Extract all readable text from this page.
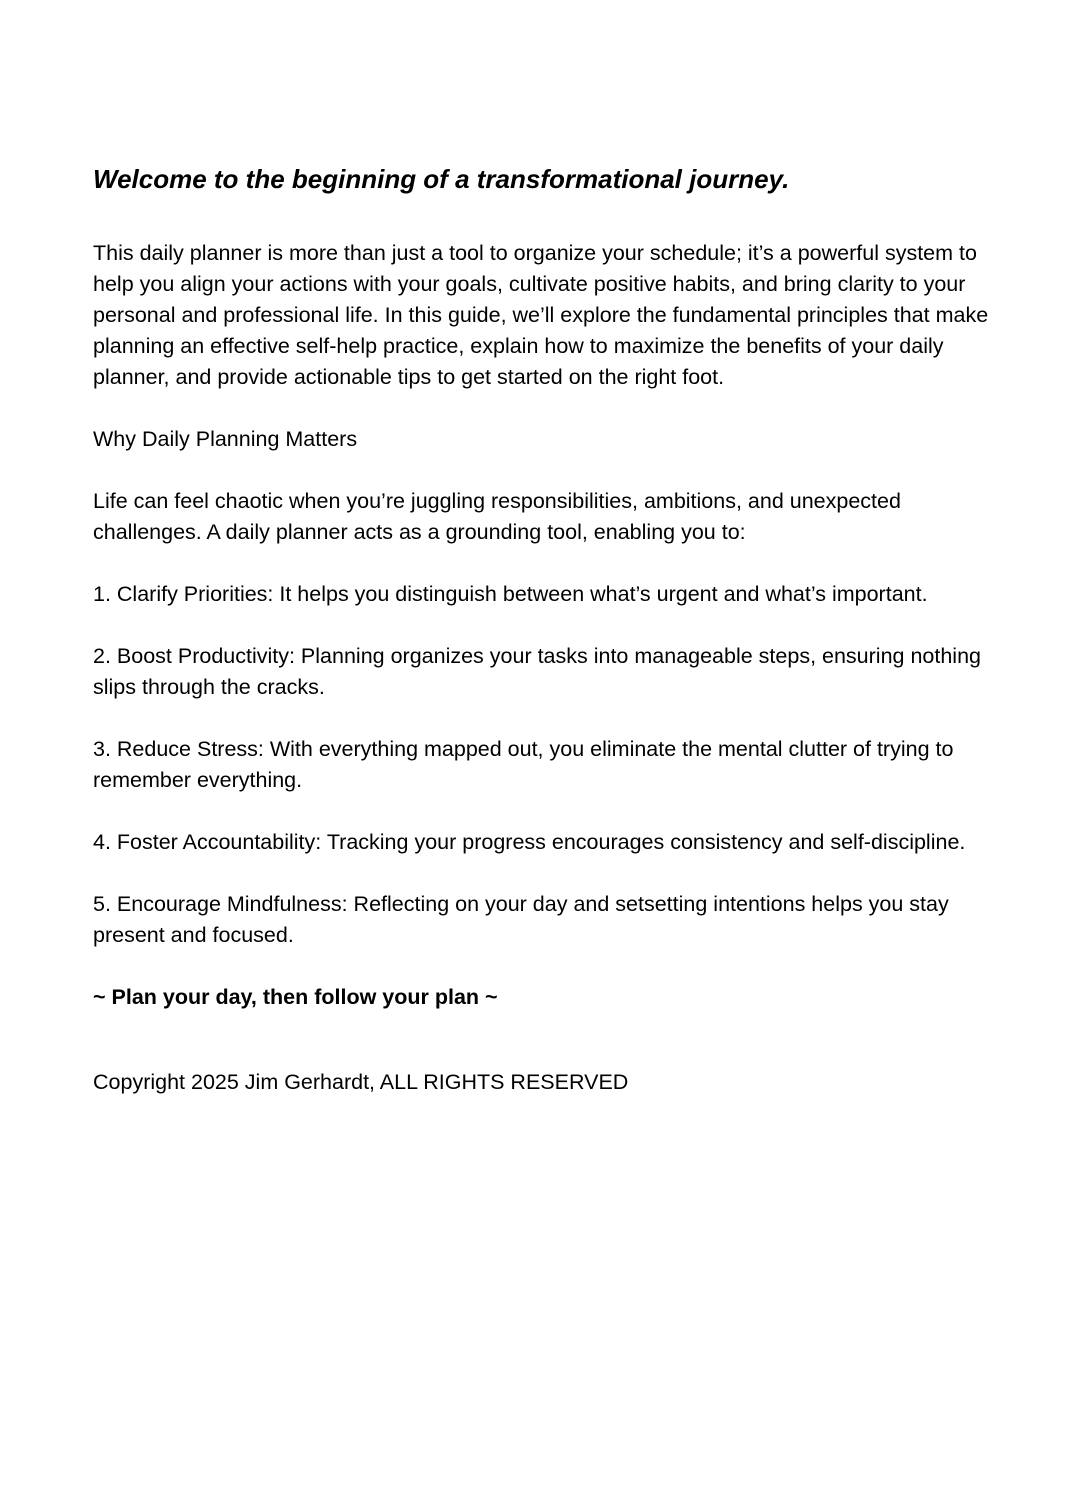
Welcome to the beginning of a transformational journey.

This daily planner is more than just a tool to organize your schedule; it’s a powerful system to help you align your actions with your goals, cultivate positive habits, and bring clarity to your personal and professional life. In this guide, we’ll explore the fundamental principles that make planning an effective self-help practice, explain how to maximize the benefits of your daily planner, and provide actionable tips to get started on the right foot.

Why Daily Planning Matters

Life can feel chaotic when you’re juggling responsibilities, ambitions, and unexpected challenges. A daily planner acts as a grounding tool, enabling you to:

1. Clarify Priorities: It helps you distinguish between what’s urgent and what’s important.
2. Boost Productivity: Planning organizes your tasks into manageable steps, ensuring nothing slips through the cracks.
3. Reduce Stress: With everything mapped out, you eliminate the mental clutter of trying to remember everything.
4. Foster Accountability: Tracking your progress encourages consistency and self-discipline.
5. Encourage Mindfulness: Reflecting on your day and setsetting intentions helps you stay present and focused.

~ Plan your day, then follow your plan ~

Copyright 2025 Jim Gerhardt, ALL RIGHTS RESERVED
